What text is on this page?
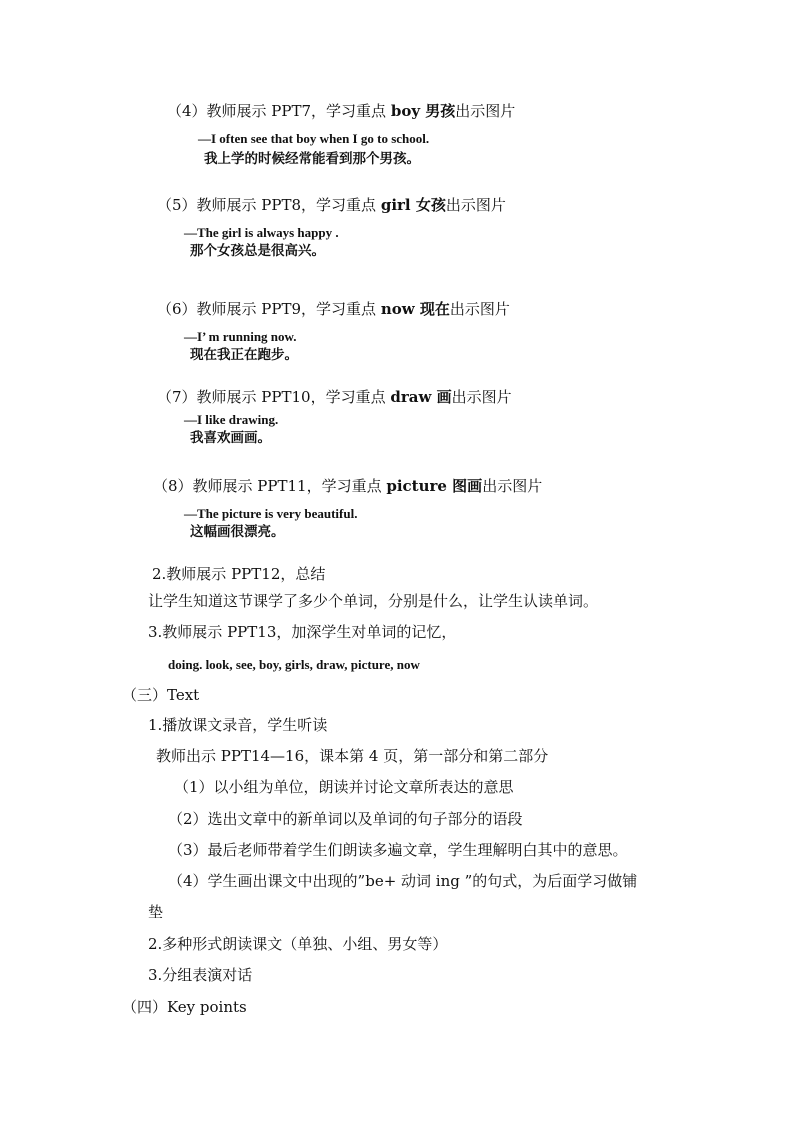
（4）教师展示 PPT7，学习重点 boy 男孩出示图片
—I often see that boy when I go to school.
我上学的时候经常能看到那个男孩。
（5）教师展示 PPT8，学习重点 girl 女孩出示图片
—The girl is always happy .
那个女孩总是很高兴。
（6）教师展示 PPT9，学习重点 now 现在出示图片
—I’ m running now.
现在我正在跑步。
（7）教师展示 PPT10，学习重点 draw 画出示图片
—I like drawing.
我喜欢画画。
（8）教师展示 PPT11，学习重点 picture 图画出示图片
—The picture is very beautiful.
这幅画很漂亮。
2.教师展示 PPT12，总结
让学生知道这节课学了多少个单词，分别是什么，让学生认读单词。
3.教师展示 PPT13，加深学生对单词的记忆，
doing. look, see, boy, girls, draw, picture, now
（三）Text
1.播放课文录音，学生听读
教师出示 PPT14—16，课本第 4 页，第一部分和第二部分
（1）以小组为单位，朗读并讨论文章所表达的意思
（2）选出文章中的新单词以及单词的句子部分的语段
（3）最后老师带着学生们朗读多遍文章，学生理解明白其中的意思。
（4）学生画出课文中出现的”be+ 动词 ing ”的句式，为后面学习做铺
垫
2.多种形式朗读课文（单独、小组、男女等）
3.分组表演对话
（四）Key points
